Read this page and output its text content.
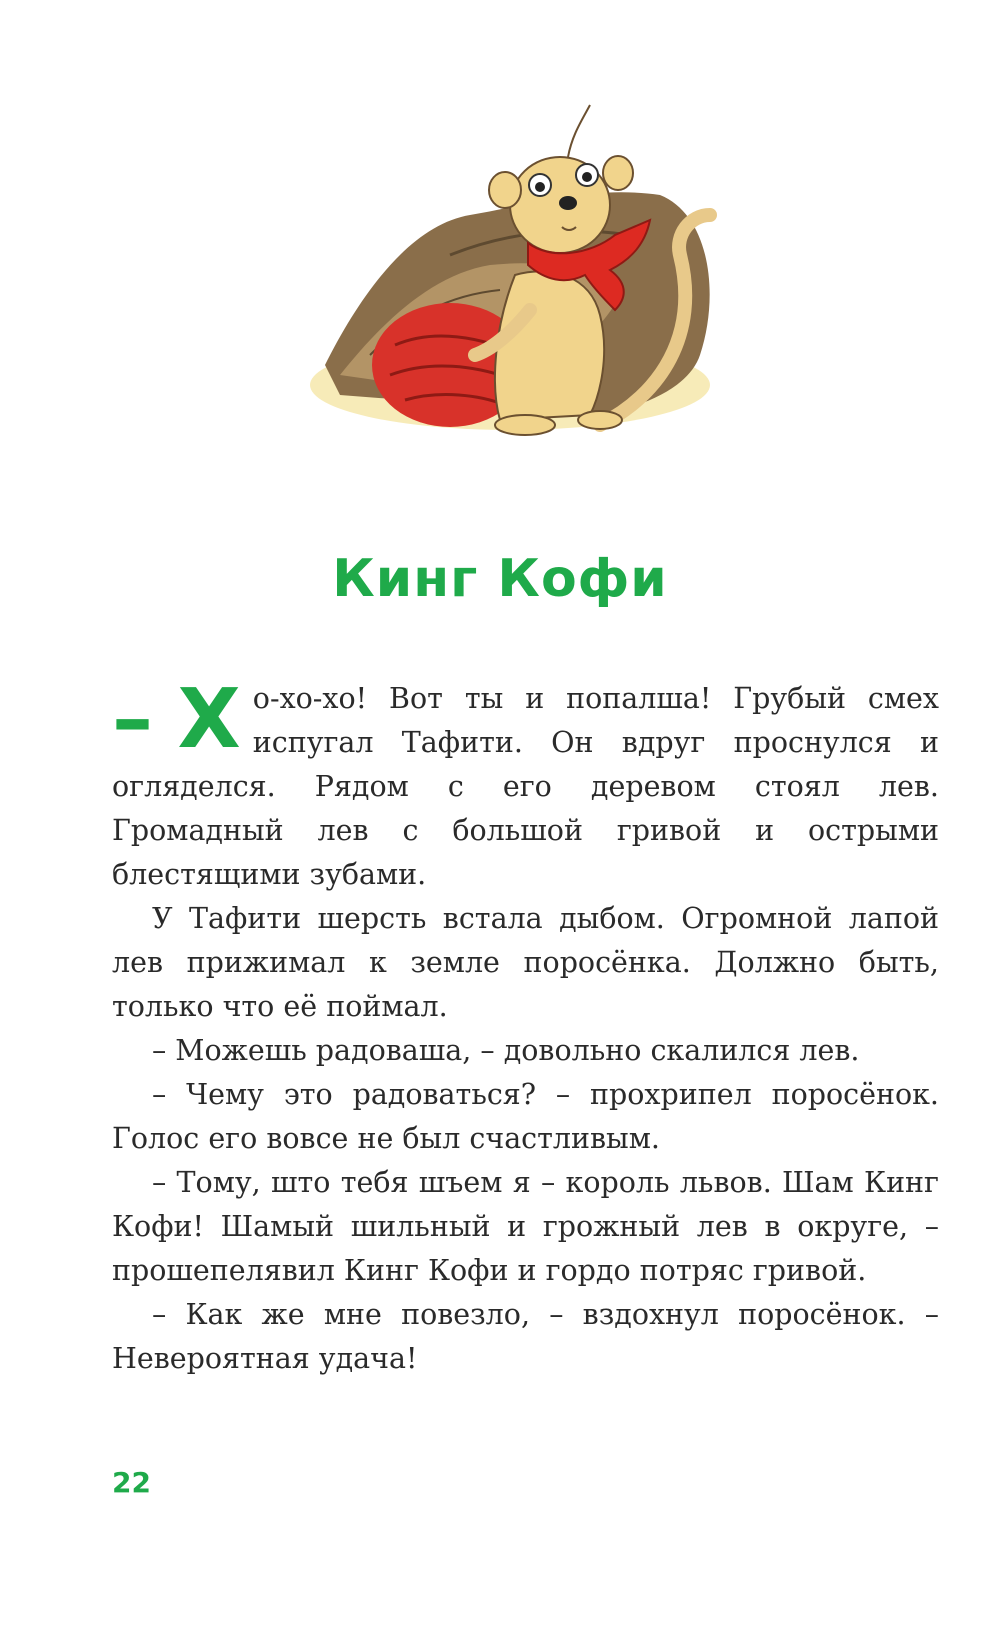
Кинг Кофи
– Х о-хо-хо! Вот ты и попалша! Грубый смех испугал Тафити. Он вдруг проснулся и огляделся. Рядом с его деревом стоял лев. Громадный лев с большой гривой и острыми блестящими зубами.

У Тафити шерсть встала дыбом. Огромной лапой лев прижимал к земле поросёнка. Должно быть, только что её поймал.

– Можешь радоваша, – довольно скалился лев.

– Чему это радоваться? – прохрипел поросёнок. Голос его вовсе не был счастливым.

– Тому, што тебя шъем я – король львов. Шам Кинг Кофи! Шамый шильный и грожный лев в округе, – прошепелявил Кинг Кофи и гордо потряс гривой.

– Как же мне повезло, – вздохнул поросёнок. – Невероятная удача!

22
